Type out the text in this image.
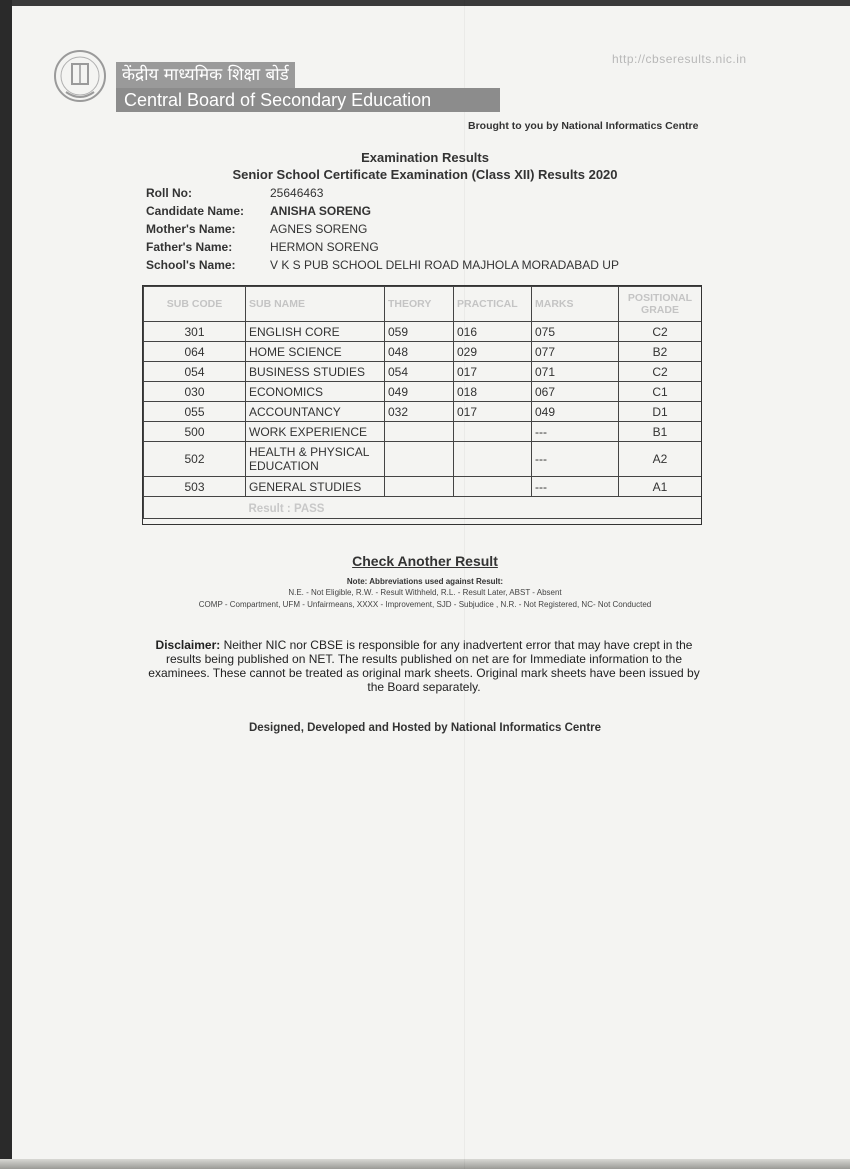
केंद्रीय माध्यमिक शिक्षा बोर्ड
Central Board of Secondary Education
http://cbseresults.nic.in
Brought to you by National Informatics Centre
Examination Results
Senior School Certificate Examination (Class XII) Results 2020
Roll No:	25646463
Candidate Name: ANISHA SORENG
Mother's Name:	AGNES SORENG
Father's Name:	HERMON SORENG
School's Name:	V K S PUB SCHOOL DELHI ROAD MAJHOLA MORADABAD UP
SUB CODE	SUB NAME	THEORY	PRACTICAL	MARKS	POSITIONAL
GRADE
301	ENGLISH CORE	059	016	075	C2
064	HOME SCIENCE	048	029	077	B2
054	BUSINESS STUDIES	054	017	071	C2
030	ECONOMICS	049	018	067	C1
055	ACCOUNTANCY	032	017	049	D1
500	WORK EXPERIENCE			---	B1
502	HEALTH & PHYSICAL
EDUCATION			---	A2
503	GENERAL STUDIES			---	A1
	Result : PASS				
Check Another Result
Note: Abbreviations used against Result:
N.E. - Not Eligible, R.W. - Result Withheld, R.L. - Result Later, ABST - Absent
COMP - Compartment, UFM - Unfairmeans, XXXX - Improvement, SJD - Subjudice , N.R. - Not Registered, NC- Not Conducted
Disclaimer: Neither NIC nor CBSE is responsible for any inadvertent error that may have crept in the results being published on NET. The results published on net are for Immediate information to the examinees. These cannot be treated as original mark sheets. Original mark sheets have been issued by the Board separately.
Designed, Developed and Hosted by National Informatics Centre
